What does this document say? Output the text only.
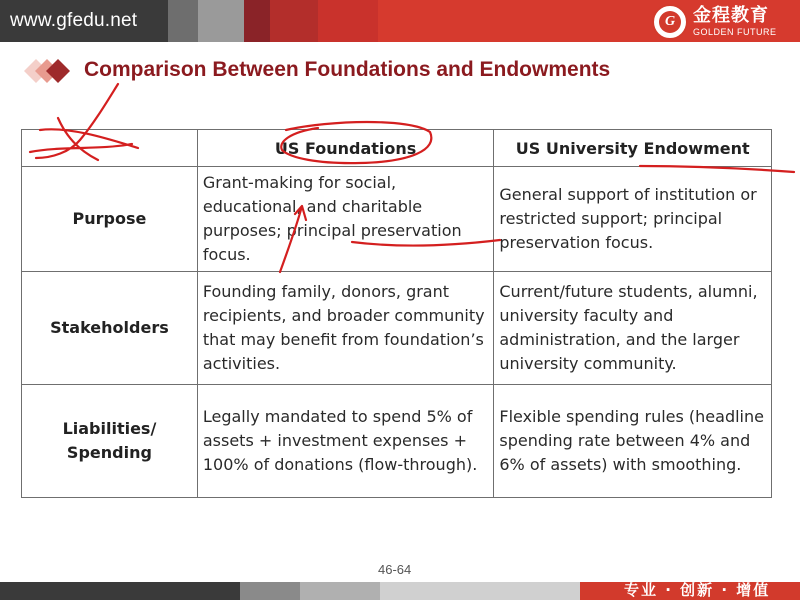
www.gfedu.net	G 金程教育
GOLDEN FUTURE
Comparison Between Foundations and Endowments
	US Foundations	US University Endowment
Purpose	Grant-making for social, educational, and charitable purposes; principal preservation focus.	General support of institution or restricted support; principal preservation focus.
Stakeholders	Founding family, donors, grant recipients, and broader community that may benefit from foundation’s activities.	Current/future students, alumni, university faculty and administration, and the larger university community.
Liabilities/ Spending	Legally mandated to spend 5% of assets + investment expenses + 100% of donations (flow-through).	Flexible spending rules (headline spending rate between 4% and 6% of assets) with smoothing.
46-64
专业 · 创新 · 增值
